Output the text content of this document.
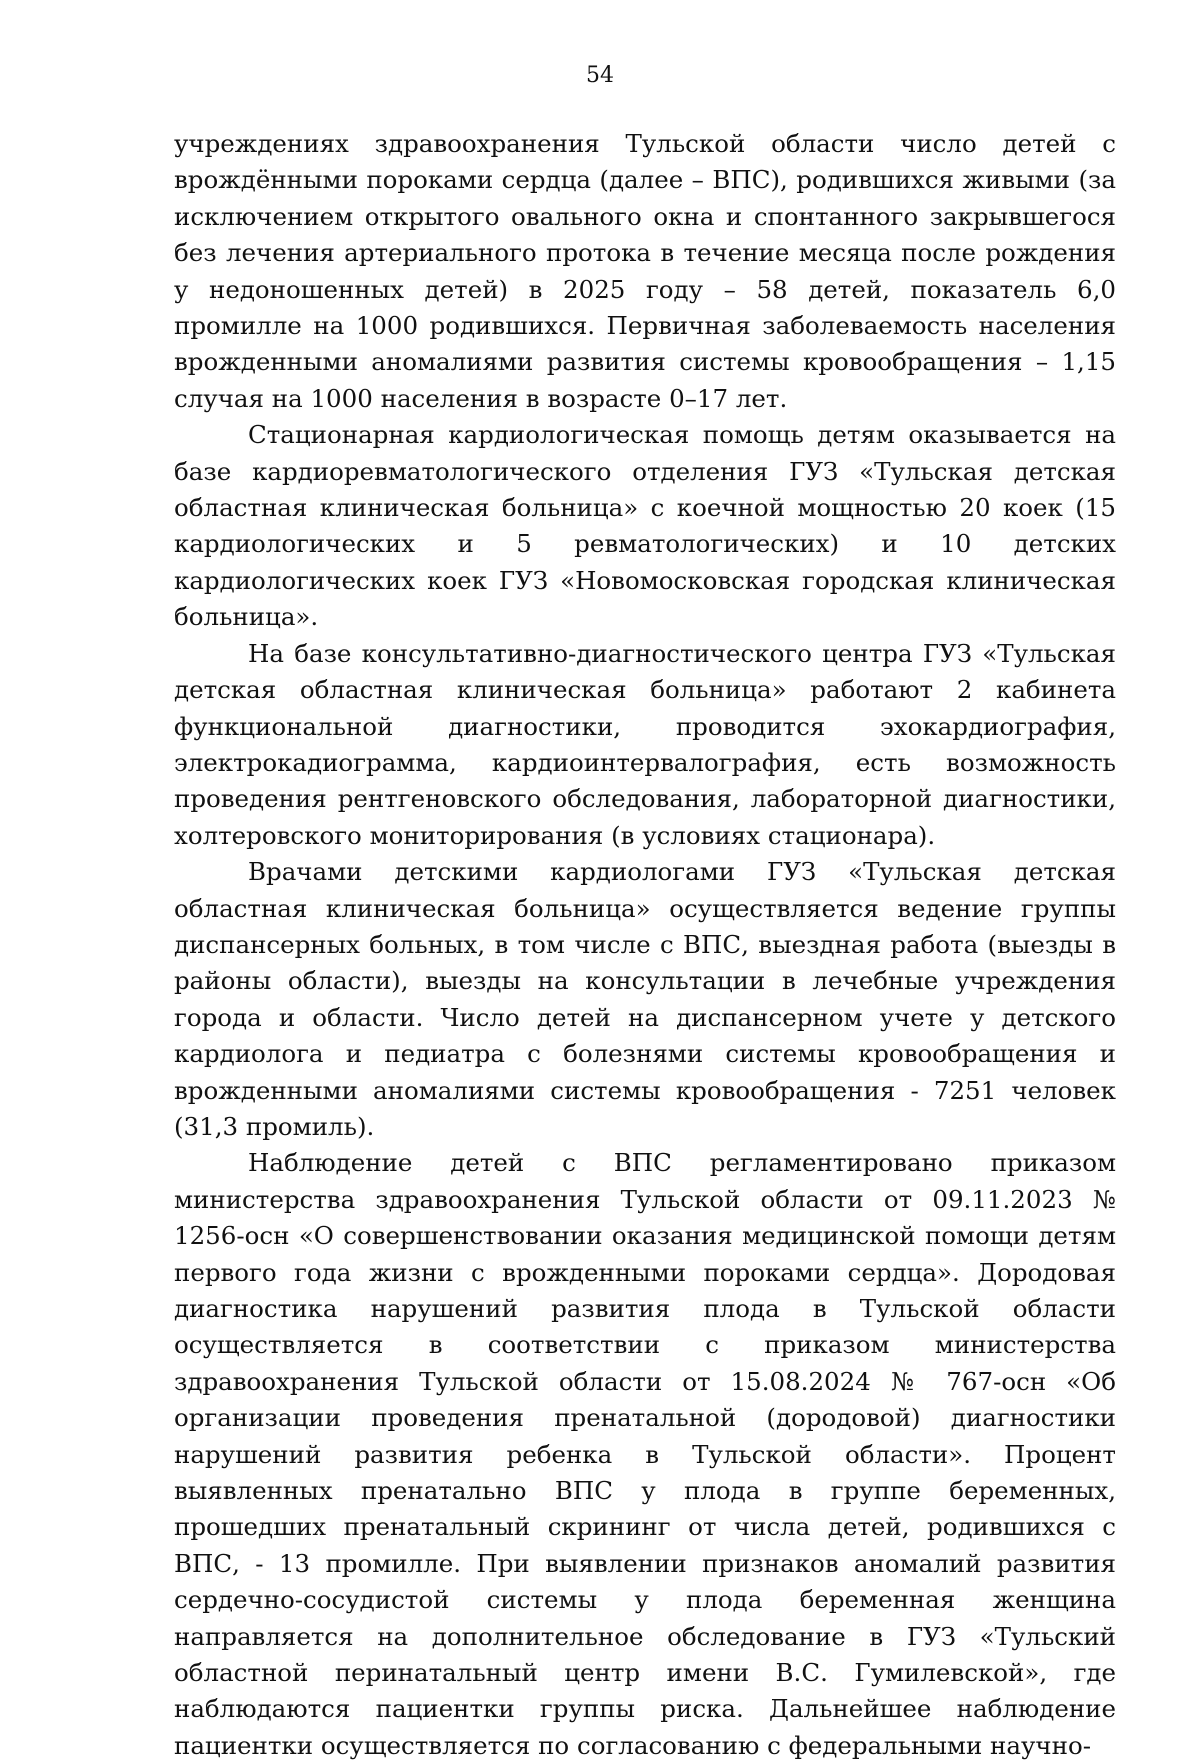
54

учреждениях здравоохранения Тульской области число детей с врождёнными пороками сердца (далее – ВПС), родившихся живыми (за исключением открытого овального окна и спонтанного закрывшегося без лечения артериального протока в течение месяца после рождения у недоношенных детей) в 2025 году – 58 детей, показатель 6,0 промилле на 1000 родившихся. Первичная заболеваемость населения врожденными аномалиями развития системы кровообращения – 1,15 случая на 1000 населения в возрасте 0–17 лет.

Стационарная кардиологическая помощь детям оказывается на базе кардиоревматологического отделения ГУЗ «Тульская детская областная клиническая больница» с коечной мощностью 20 коек (15 кардиологических и 5 ревматологических) и 10 детских кардиологических коек ГУЗ «Новомосковская городская клиническая больница».

На базе консультативно-диагностического центра ГУЗ «Тульская детская областная клиническая больница» работают 2 кабинета функциональной диагностики, проводится эхокардиография, электрокадиограмма, кардиоинтервалография, есть возможность проведения рентгеновского обследования, лабораторной диагностики, холтеровского мониторирования (в условиях стационара).

Врачами детскими кардиологами ГУЗ «Тульская детская областная клиническая больница» осуществляется ведение группы диспансерных больных, в том числе с ВПС, выездная работа (выезды в районы области), выезды на консультации в лечебные учреждения города и области. Число детей на диспансерном учете у детского кардиолога и педиатра с болезнями системы кровообращения и врожденными аномалиями системы кровообращения - 7251 человек (31,3 промиль).

Наблюдение детей с ВПС регламентировано приказом министерства здравоохранения Тульской области от 09.11.2023 № 1256-осн «О совершенствовании оказания медицинской помощи детям первого года жизни с врожденными пороками сердца». Дородовая диагностика нарушений развития плода в Тульской области осуществляется в соответствии с приказом министерства здравоохранения Тульской области от 15.08.2024 № 767-осн «Об организации проведения пренатальной (дородовой) диагностики нарушений развития ребенка в Тульской области». Процент выявленных пренатально ВПС у плода в группе беременных, прошедших пренатальный скрининг от числа детей, родившихся с ВПС, - 13 промилле. При выявлении признаков аномалий развития сердечно-сосудистой системы у плода беременная женщина направляется на дополнительное обследование в ГУЗ «Тульский областной перинатальный центр имени В.С. Гумилевской», где наблюдаются пациентки группы риска. Дальнейшее наблюдение пациентки осуществляется по согласованию с федеральными научно-
